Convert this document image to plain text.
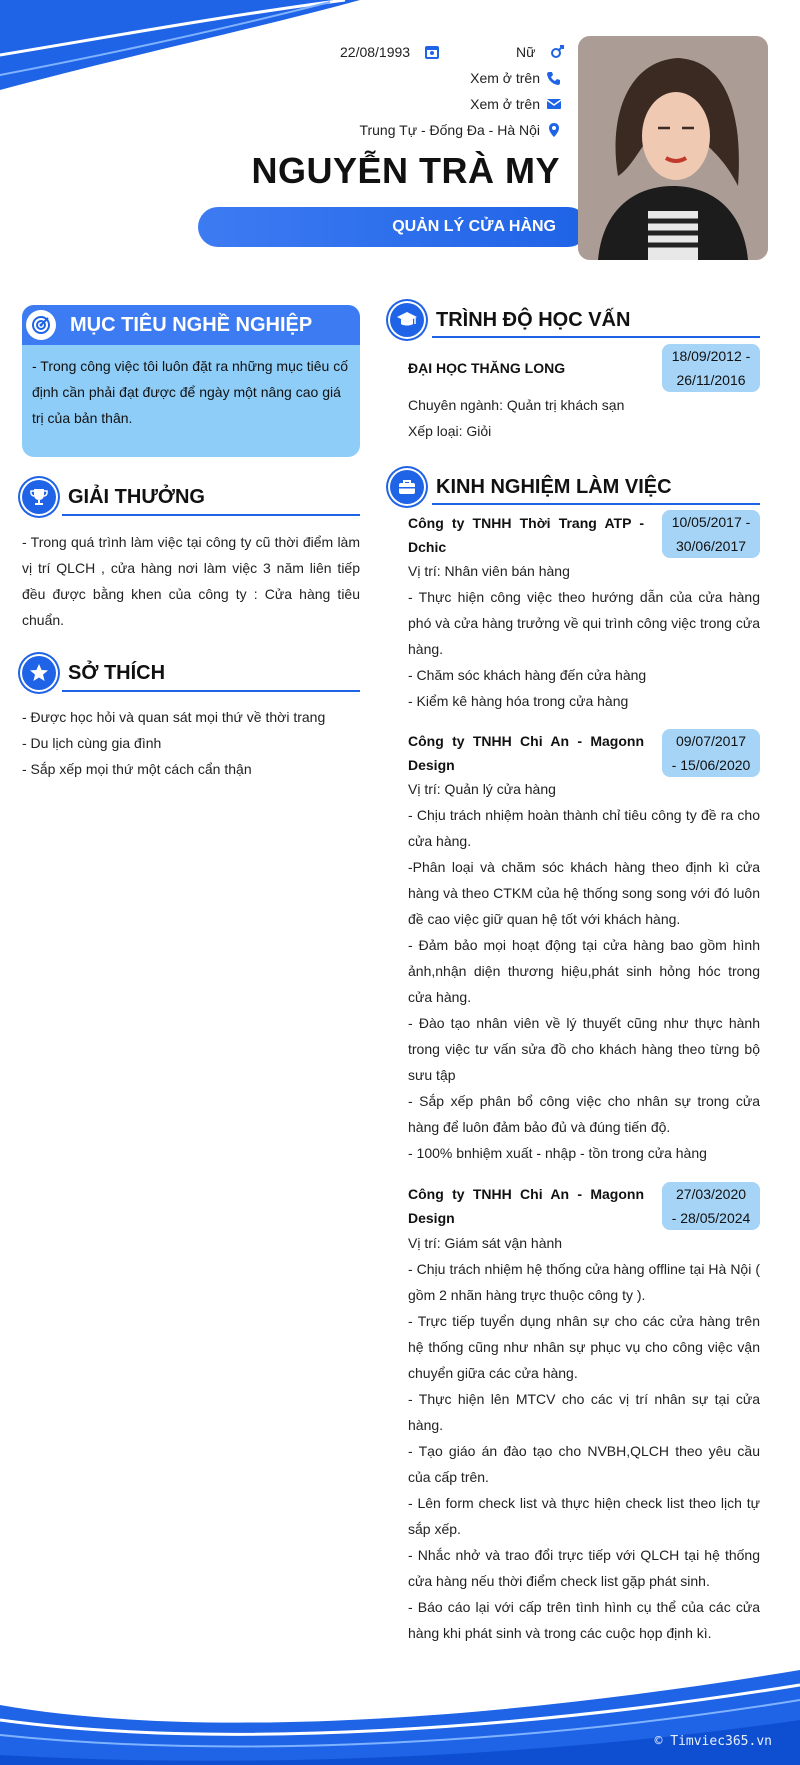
22/08/1993	Nữ
Xem ở trên
Xem ở trên
Trung Tự - Đống Đa - Hà Nội
NGUYỄN TRÀ MY
QUẢN LÝ CỬA HÀNG
MỤC TIÊU NGHỀ NGHIỆP
- Trong công việc tôi luôn đặt ra những mục tiêu cố định cần phải đạt được để ngày một nâng cao giá trị của bản thân.
GIẢI THƯỞNG
- Trong quá trình làm việc tại công ty cũ thời điểm làm vị trí QLCH , cửa hàng nơi làm việc 3 năm liên tiếp đều được bằng khen của công ty : Cửa hàng tiêu chuẩn.
SỞ THÍCH
- Được học hỏi và quan sát mọi thứ về thời trang
- Du lịch cùng gia đình
- Sắp xếp mọi thứ một cách cẩn thận
TRÌNH ĐỘ HỌC VẤN
ĐẠI HỌC THĂNG LONG
18/09/2012 -
26/11/2016
Chuyên ngành: Quản trị khách sạn
Xếp loại: Giỏi
KINH NGHIỆM LÀM VIỆC
Công ty TNHH Thời Trang ATP -
Dchic
10/05/2017 -
30/06/2017
Vị trí: Nhân viên bán hàng
- Thực hiện công việc theo hướng dẫn của cửa hàng phó và cửa hàng trưởng về qui trình công việc trong cửa hàng.
- Chăm sóc khách hàng đến cửa hàng
- Kiểm kê hàng hóa trong cửa hàng
Công ty TNHH Chi An - Magonn
Design
09/07/2017
- 15/06/2020
Vị trí: Quản lý cửa hàng
- Chịu trách nhiệm hoàn thành chỉ tiêu công ty đề ra cho cửa hàng.
-Phân loại và chăm sóc khách hàng theo định kì cửa hàng và theo CTKM của hệ thống song song với đó luôn đề cao việc giữ quan hệ tốt với khách hàng.
- Đảm bảo mọi hoạt động tại cửa hàng bao gồm hình ảnh,nhận diện thương hiệu,phát sinh hỏng hóc trong cửa hàng.
- Đào tạo nhân viên về lý thuyết cũng như thực hành trong việc tư vấn sửa đồ cho khách hàng theo từng bộ sưu tập
- Sắp xếp phân bổ công việc cho nhân sự trong cửa hàng để luôn đảm bảo đủ và đúng tiến độ.
- 100% bnhiệm xuất - nhập - tồn trong cửa hàng
Công ty TNHH Chi An - Magonn
Design
27/03/2020
- 28/05/2024
Vị trí: Giám sát vận hành
- Chịu trách nhiệm hệ thống cửa hàng offline tại Hà Nội ( gồm 2 nhãn hàng trực thuộc công ty ).
- Trực tiếp tuyển dụng nhân sự cho các cửa hàng trên hệ thống cũng như nhân sự phục vụ cho công việc vận chuyển giữa các cửa hàng.
- Thực hiện lên MTCV cho các vị trí nhân sự tại cửa hàng.
- Tạo giáo án đào tạo cho NVBH,QLCH theo yêu cầu của cấp trên.
- Lên form check list và thực hiện check list theo lịch tự sắp xếp.
- Nhắc nhở và trao đổi trực tiếp với QLCH tại hệ thống cửa hàng nếu thời điểm check list gặp phát sinh.
- Báo cáo lại với cấp trên tình hình cụ thể của các cửa hàng khi phát sinh và trong các cuộc họp định kì.
© Timviec365.vn
